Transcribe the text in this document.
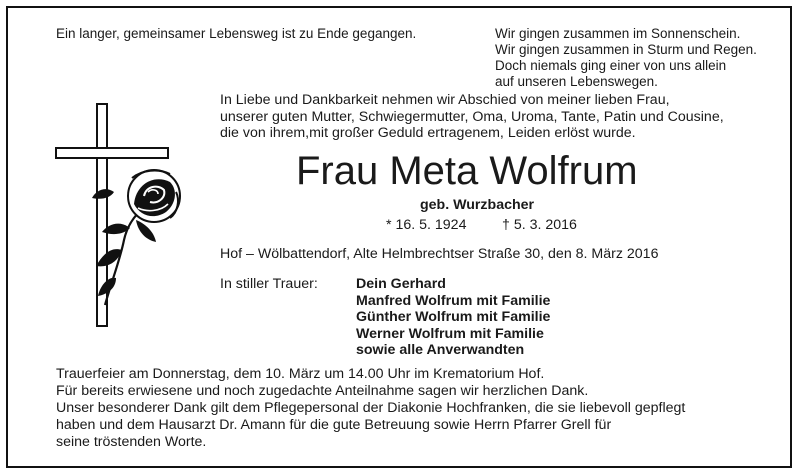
Ein langer, gemeinsamer Lebensweg ist zu Ende gegangen.	Wir gingen zusammen im Sonnenschein.
Wir gingen zusammen in Sturm und Regen.
Doch niemals ging einer von uns allein
auf unseren Lebenswegen.
In Liebe und Dankbarkeit nehmen wir Abschied von meiner lieben Frau,
unserer guten Mutter, Schwiegermutter, Oma, Uroma, Tante, Patin und Cousine,
die von ihrem,mit großer Geduld ertragenem, Leiden erlöst wurde.
Frau Meta Wolfrum
geb. Wurzbacher
* 16. 5. 1924	† 5. 3. 2016
Hof – Wölbattendorf, Alte Helmbrechtser Straße 30, den 8. März 2016
In stiller Trauer:	Dein Gerhard
Manfred Wolfrum mit Familie
Günther Wolfrum mit Familie
Werner Wolfrum mit Familie
sowie alle Anverwandten
Trauerfeier am Donnerstag, dem 10. März um 14.00 Uhr im Krematorium Hof.
Für bereits erwiesene und noch zugedachte Anteilnahme sagen wir herzlichen Dank.
Unser besonderer Dank gilt dem Pflegepersonal der Diakonie Hochfranken, die sie liebevoll gepflegt
haben und dem Hausarzt Dr. Amann für die gute Betreuung sowie Herrn Pfarrer Grell für
seine tröstenden Worte.
